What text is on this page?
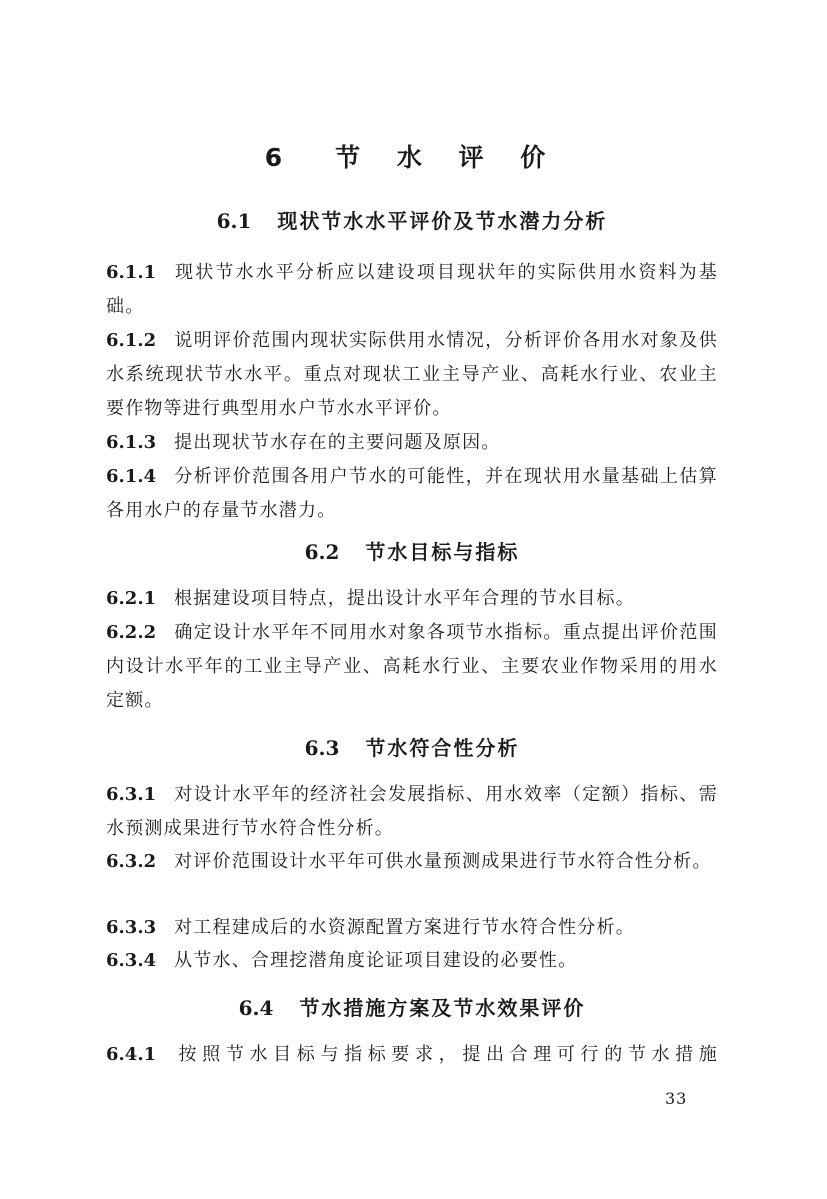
6　 节 水 评 价
6.1 现状节水水平评价及节水潜力分析

6.1.1 现状节水水平分析应以建设项目现状年的实际供用水资料为基础。

6.1.2 说明评价范围内现状实际供用水情况，分析评价各用水对象及供水系统现状节水水平。重点对现状工业主导产业、高耗水行业、农业主要作物等进行典型用水户节水水平评价。

6.1.3 提出现状节水存在的主要问题及原因。

6.1.4 分析评价范围各用户节水的可能性，并在现状用水量基础上估算各用水户的存量节水潜力。

6.2 节水目标与指标

6.2.1 根据建设项目特点，提出设计水平年合理的节水目标。

6.2.2 确定设计水平年不同用水对象各项节水指标。重点提出评价范围内设计水平年的工业主导产业、高耗水行业、主要农业作物采用的用水定额。

6.3 节水符合性分析

6.3.1 对设计水平年的经济社会发展指标、用水效率（定额）指标、需水预测成果进行节水符合性分析。

6.3.2 对评价范围设计水平年可供水量预测成果进行节水符合性分析。

6.3.3 对工程建成后的水资源配置方案进行节水符合性分析。

6.3.4 从节水、合理挖潜角度论证项目建设的必要性。

6.4 节水措施方案及节水效果评价

6.4.1 按照节水目标与指标要求，提出合理可行的节水措施

33
